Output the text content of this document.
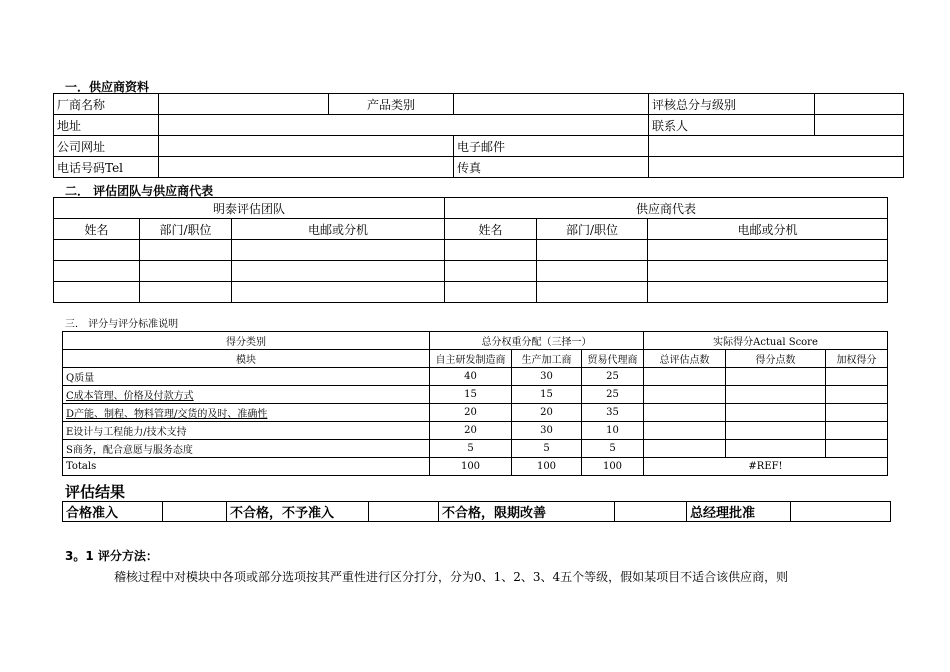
一．供应商资料
厂商名称		产品类别		评核总分与级别	
地址				联系人	
公司网址			电子邮件		
电话号码Tel			传真		
二． 评估团队与供应商代表
明泰评估团队			供应商代表		
姓名	部门/职位	电邮或分机	姓名	部门/职位	电邮或分机

三． 评分与评分标准说明
得分类别	总分权重分配（三择一）			实际得分Actual Score		
模块	自主研发制造商	生产加工商	贸易代理商	总评估点数	得分点数	加权得分
Q质量	40	30	25			
C成本管理、价格及付款方式	15	15	25			
D产能、制程、物料管理/交货的及时、准确性	20	20	35			
E设计与工程能力/技术支持	20	30	10			
S商务，配合意愿与服务态度	5	5	5			
Totals	100	100	100	#REF!		
评估结果
合格准入		不合格，不予准入		不合格，限期改善		总经理批准	
3。1 评分方法：
稽核过程中对模块中各项或部分选项按其严重性进行区分打分，分为0、1、2、3、4五个等级，假如某项目不适合该供应商，则
